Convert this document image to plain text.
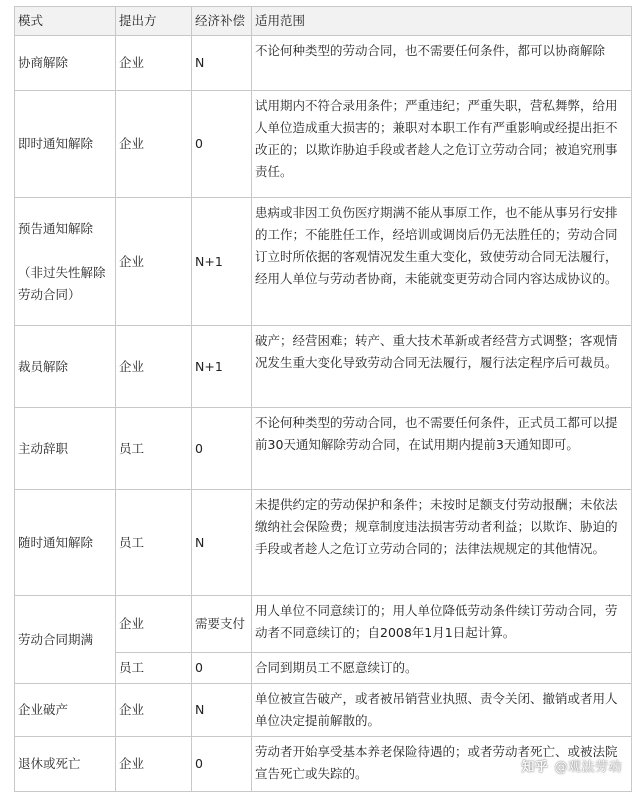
模式	提出方	经济补偿	适用范围
协商解除	企业	N	不论何种类型的劳动合同，也不需要任何条件，都可以协商解除
即时通知解除	企业	0	试用期内不符合录用条件；严重违纪；严重失职，营私舞弊，给用人单位造成重大损害的；兼职对本职工作有严重影响或经提出拒不改正的；以欺诈胁迫手段或者趁人之危订立劳动合同；被追究刑事责任。
预告通知解除

（非过失性解除劳动合同）	企业	N+1	患病或非因工负伤医疗期满不能从事原工作，也不能从事另行安排的工作；不能胜任工作，经培训或调岗后仍无法胜任的；劳动合同订立时所依据的客观情况发生重大变化，致使劳动合同无法履行，经用人单位与劳动者协商，未能就变更劳动合同内容达成协议的。
裁员解除	企业	N+1	破产；经营困难；转产、重大技术革新或者经营方式调整；客观情况发生重大变化导致劳动合同无法履行，履行法定程序后可裁员。
主动辞职	员工	0	不论何种类型的劳动合同，也不需要任何条件，正式员工都可以提前30天通知解除劳动合同，在试用期内提前3天通知即可。
随时通知解除	员工	N	未提供约定的劳动保护和条件；未按时足额支付劳动报酬；未依法缴纳社会保险费；规章制度违法损害劳动者利益；以欺诈、胁迫的手段或者趁人之危订立劳动合同的；法律法规规定的其他情况。
劳动合同期满	企业	需要支付	用人单位不同意续订的；用人单位降低劳动条件续订劳动合同，劳动者不同意续订的；自2008年1月1日起计算。
	员工	0	合同到期员工不愿意续订的。
企业破产	企业	N	单位被宣告破产，或者被吊销营业执照、责令关闭、撤销或者用人单位决定提前解散的。
退休或死亡	企业	0	劳动者开始享受基本养老保险待遇的；或者劳动者死亡、或被法院宣告死亡或失踪的。	知乎 @观法劳动
